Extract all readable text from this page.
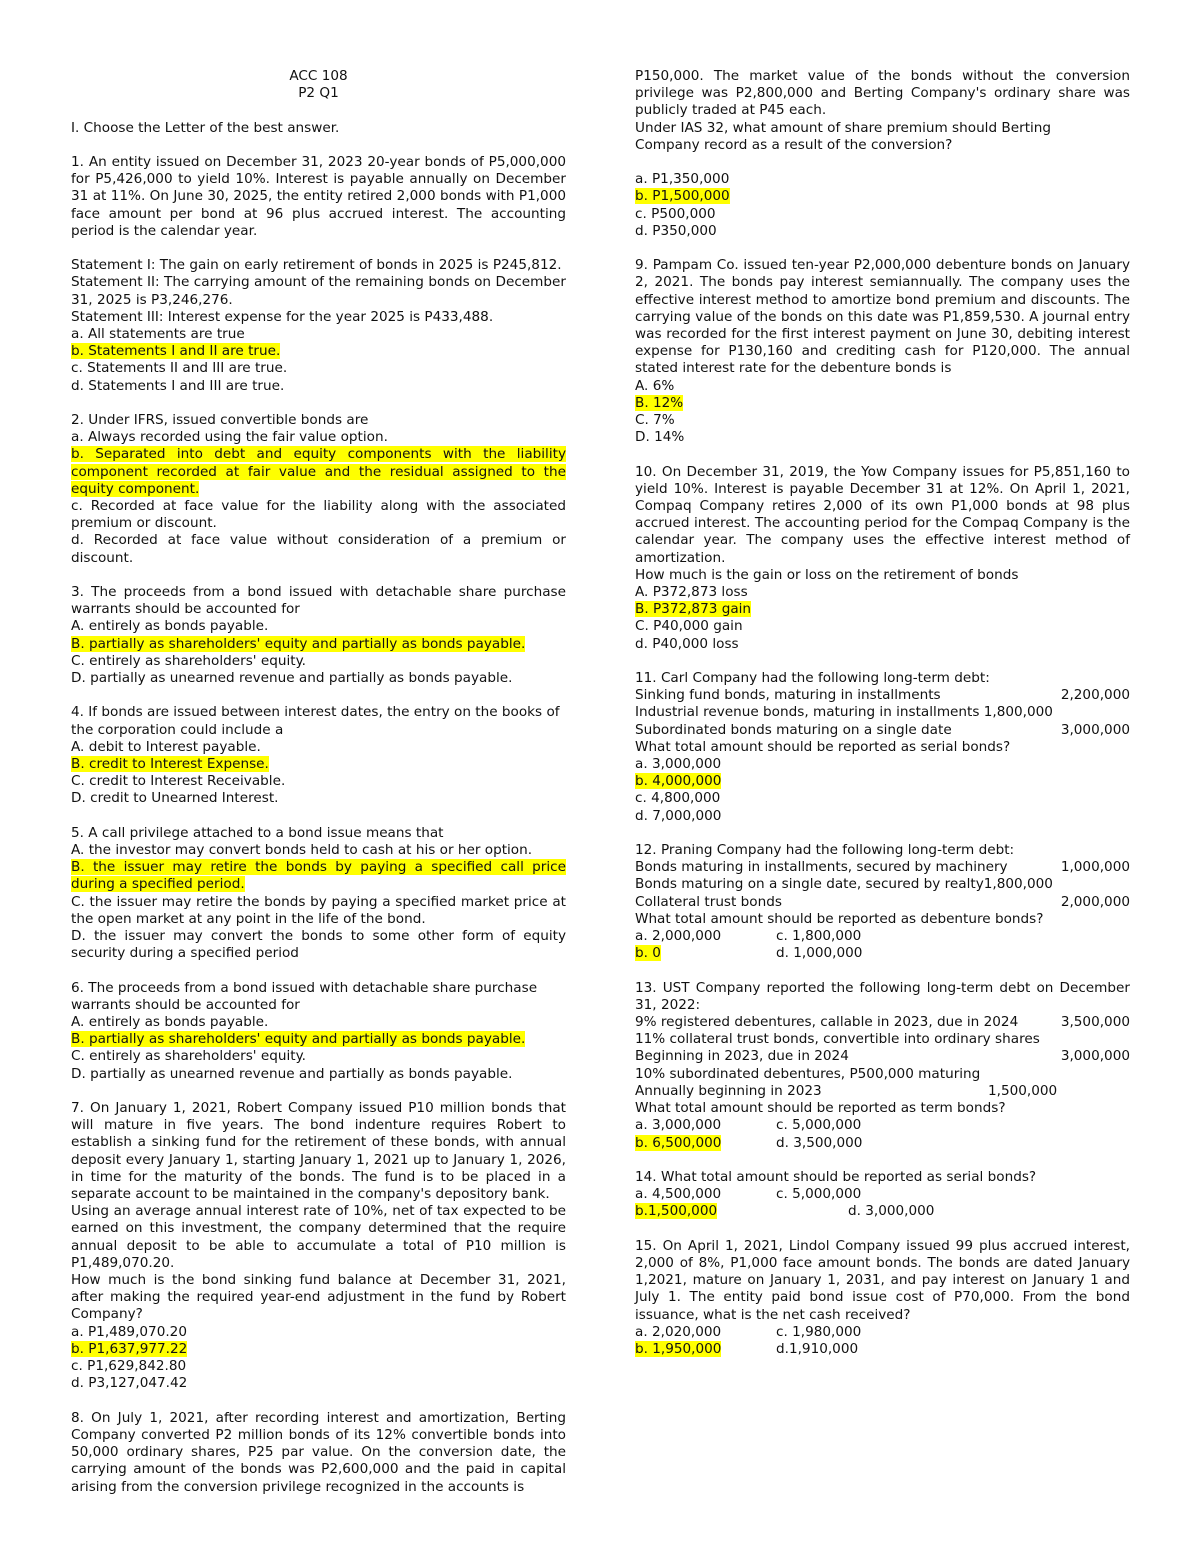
ACC 108
P2 Q1
I. Choose the Letter of the best answer.
1. An entity issued on December 31, 2023 20-year bonds of P5,000,000 for P5,426,000 to yield 10%. Interest is payable annually on December 31 at 11%. On June 30, 2025, the entity retired 2,000 bonds with P1,000 face amount per bond at 96 plus accrued interest. The accounting period is the calendar year.
Statement I: The gain on early retirement of bonds in 2025 is P245,812.
Statement II: The carrying amount of the remaining bonds on December 31, 2025 is P3,246,276.
Statement III: Interest expense for the year 2025 is P433,488.
a. All statements are true
b. Statements I and II are true.
c. Statements II and III are true.
d. Statements I and III are true.
2. Under IFRS, issued convertible bonds are
a. Always recorded using the fair value option.
b. Separated into debt and equity components with the liability component recorded at fair value and the residual assigned to the equity component.
c. Recorded at face value for the liability along with the associated premium or discount.
d. Recorded at face value without consideration of a premium or discount.
3. The proceeds from a bond issued with detachable share purchase warrants should be accounted for
A. entirely as bonds payable.
B. partially as shareholders' equity and partially as bonds payable.
C. entirely as shareholders' equity.
D. partially as unearned revenue and partially as bonds payable.
4. If bonds are issued between interest dates, the entry on the books of the corporation could include a
A. debit to Interest payable.
B. credit to Interest Expense.
C. credit to Interest Receivable.
D. credit to Unearned Interest.
5. A call privilege attached to a bond issue means that
A. the investor may convert bonds held to cash at his or her option.
B. the issuer may retire the bonds by paying a specified call price during a specified period.
C. the issuer may retire the bonds by paying a specified market price at the open market at any point in the life of the bond.
D. the issuer may convert the bonds to some other form of equity security during a specified period
6. The proceeds from a bond issued with detachable share purchase warrants should be accounted for
A. entirely as bonds payable.
B. partially as shareholders' equity and partially as bonds payable.
C. entirely as shareholders' equity.
D. partially as unearned revenue and partially as bonds payable.
7. On January 1, 2021, Robert Company issued P10 million bonds that will mature in five years. The bond indenture requires Robert to establish a sinking fund for the retirement of these bonds, with annual deposit every January 1, starting January 1, 2021 up to January 1, 2026, in time for the maturity of the bonds. The fund is to be placed in a separate account to be maintained in the company's depository bank.
Using an average annual interest rate of 10%, net of tax expected to be earned on this investment, the company determined that the require annual deposit to be able to accumulate a total of P10 million is P1,489,070.20.
How much is the bond sinking fund balance at December 31, 2021, after making the required year-end adjustment in the fund by Robert Company?
a. P1,489,070.20
b. P1,637,977.22
c. P1,629,842.80
d. P3,127,047.42
8. On July 1, 2021, after recording interest and amortization, Berting Company converted P2 million bonds of its 12% convertible bonds into 50,000 ordinary shares, P25 par value. On the conversion date, the carrying amount of the bonds was P2,600,000 and the paid in capital arising from the conversion privilege recognized in the accounts is
P150,000. The market value of the bonds without the conversion privilege was P2,800,000 and Berting Company's ordinary share was publicly traded at P45 each.
Under IAS 32, what amount of share premium should Berting Company record as a result of the conversion?
a. P1,350,000
b. P1,500,000
c. P500,000
d. P350,000
9. Pampam Co. issued ten-year P2,000,000 debenture bonds on January 2, 2021. The bonds pay interest semiannually. The company uses the effective interest method to amortize bond premium and discounts. The carrying value of the bonds on this date was P1,859,530. A journal entry was recorded for the first interest payment on June 30, debiting interest expense for P130,160 and crediting cash for P120,000. The annual stated interest rate for the debenture bonds is
A. 6%
B. 12%
C. 7%
D. 14%
10. On December 31, 2019, the Yow Company issues for P5,851,160 to yield 10%. Interest is payable December 31 at 12%. On April 1, 2021, Compaq Company retires 2,000 of its own P1,000 bonds at 98 plus accrued interest. The accounting period for the Compaq Company is the calendar year. The company uses the effective interest method of amortization.
How much is the gain or loss on the retirement of bonds
A. P372,873 loss
B. P372,873 gain
C. P40,000 gain
d. P40,000 loss
11. Carl Company had the following long-term debt:
Sinking fund bonds, maturing in installments	2,200,000
Industrial revenue bonds, maturing in installments 1,800,000
Subordinated bonds maturing on a single date	3,000,000
What total amount should be reported as serial bonds?
a. 3,000,000
b. 4,000,000
c. 4,800,000
d. 7,000,000
12. Praning Company had the following long-term debt:
Bonds maturing in installments, secured by machinery	1,000,000
Bonds maturing on a single date, secured by realty1,800,000
Collateral trust bonds	2,000,000
What total amount should be reported as debenture bonds?
a. 2,000,000	c. 1,800,000
b. 0	d. 1,000,000
13. UST Company reported the following long-term debt on December 31, 2022:
9% registered debentures, callable in 2023, due in 2024	3,500,000
11% collateral trust bonds, convertible into ordinary shares
Beginning in 2023, due in 2024	3,000,000
10% subordinated debentures, P500,000 maturing
Annually beginning in 2023	1,500,000
What total amount should be reported as term bonds?
a. 3,000,000	c. 5,000,000
b. 6,500,000	d. 3,500,000
14. What total amount should be reported as serial bonds?
a. 4,500,000	c. 5,000,000
b.1,500,000	d. 3,000,000
15. On April 1, 2021, Lindol Company issued 99 plus accrued interest, 2,000 of 8%, P1,000 face amount bonds. The bonds are dated January 1,2021, mature on January 1, 2031, and pay interest on January 1 and July 1. The entity paid bond issue cost of P70,000. From the bond issuance, what is the net cash received?
a. 2,020,000	c. 1,980,000
b. 1,950,000	d.1,910,000
